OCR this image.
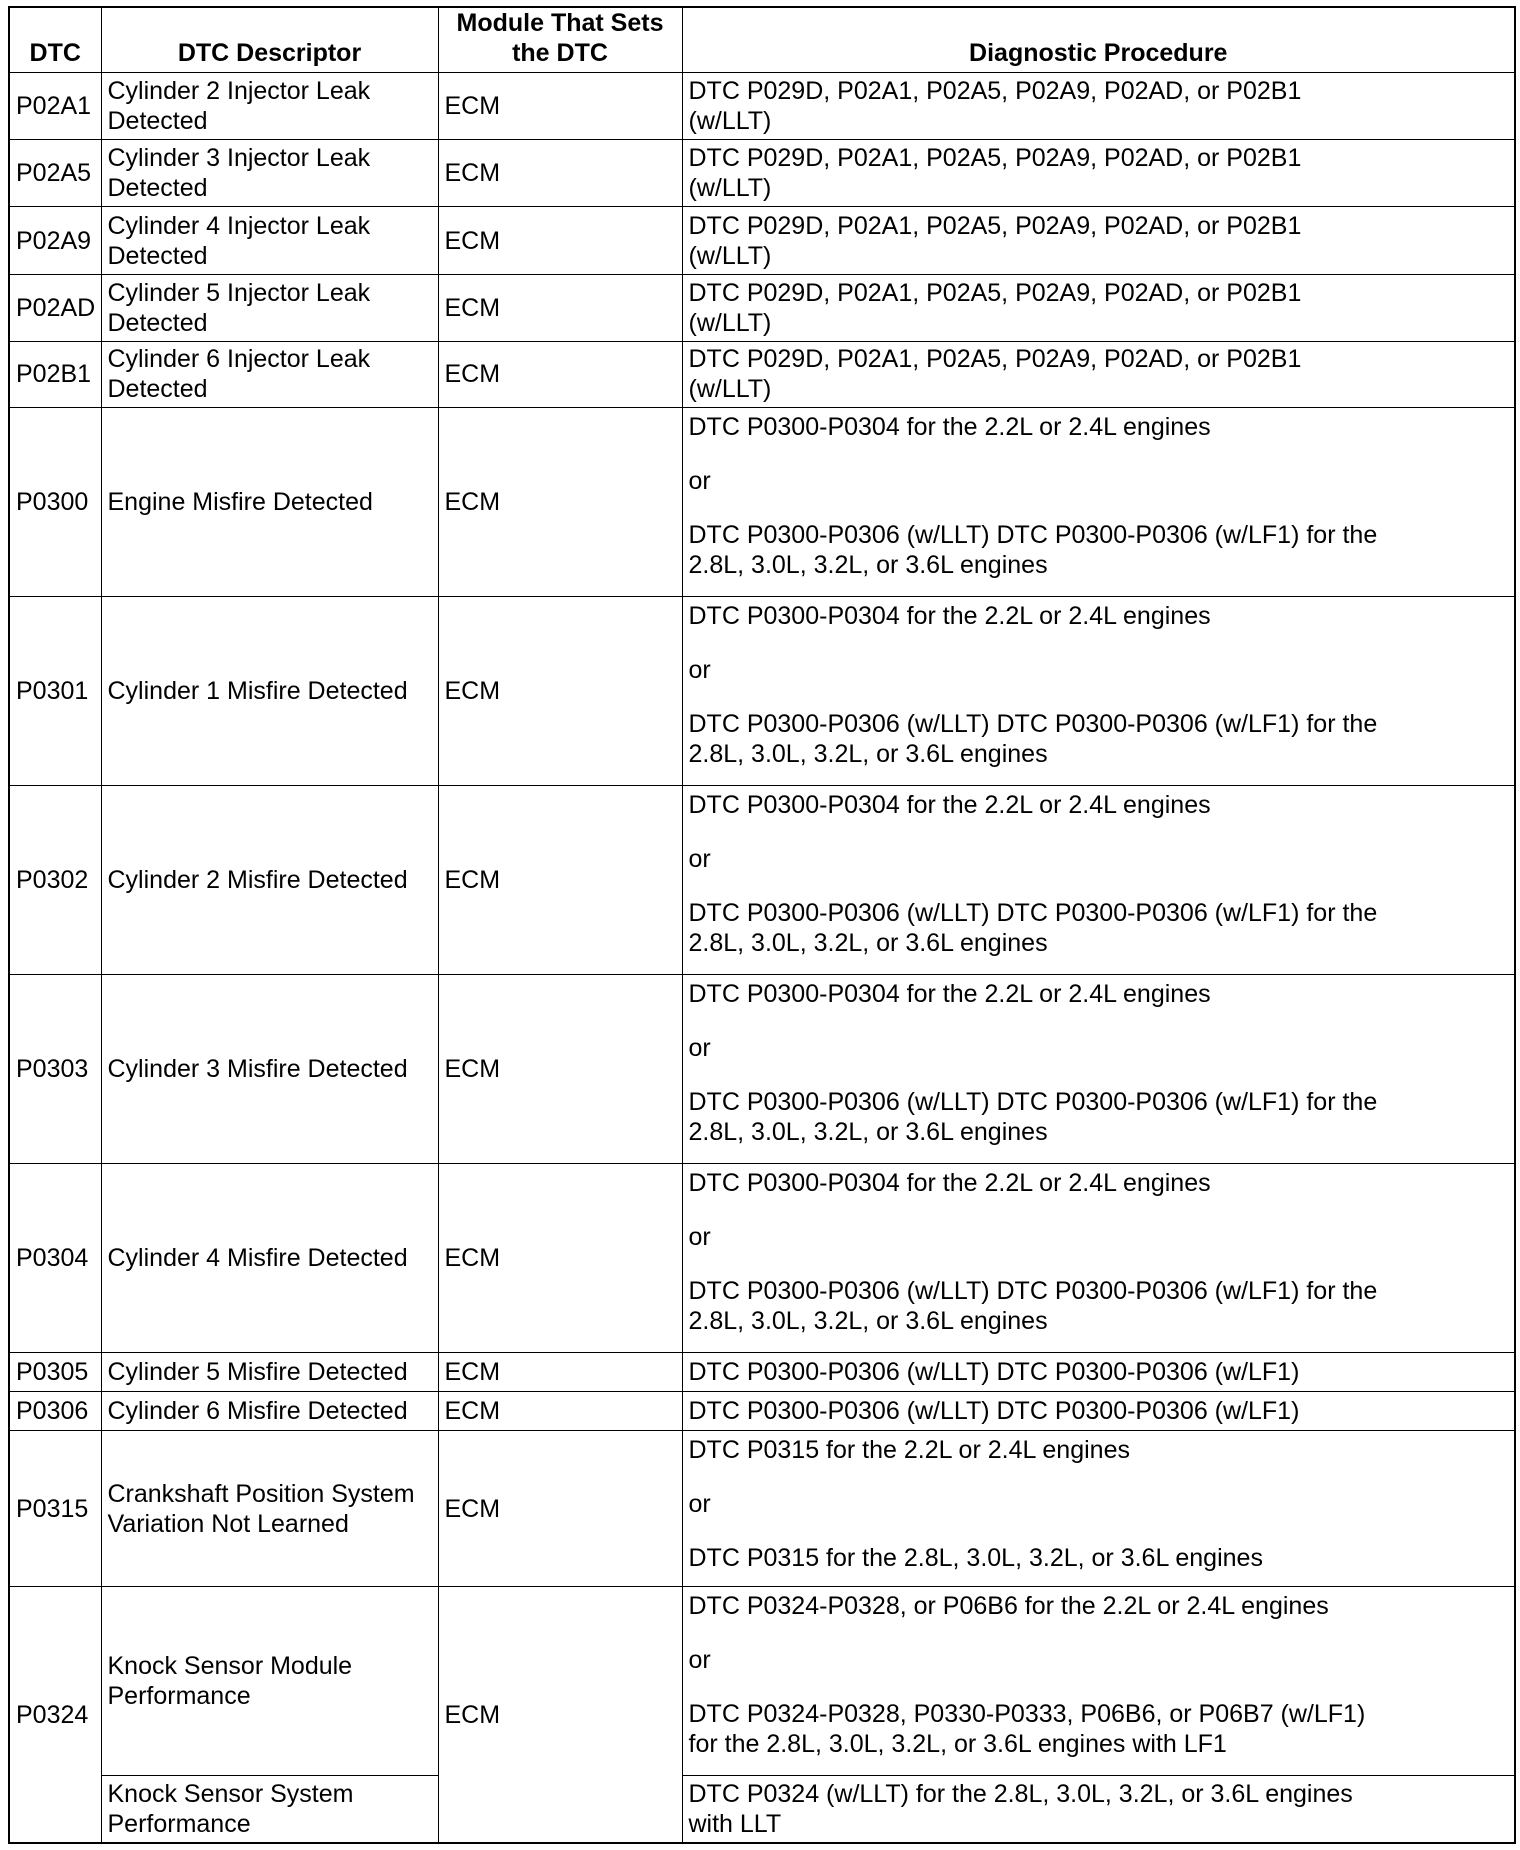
DTC	DTC Descriptor	Module That Sets the DTC	Diagnostic Procedure
P02A1	Cylinder 2 Injector Leak Detected	ECM	DTC P029D, P02A1, P02A5, P02A9, P02AD, or P02B1
(w/LLT)

P02A5	Cylinder 3 Injector Leak Detected	ECM	DTC P029D, P02A1, P02A5, P02A9, P02AD, or P02B1
(w/LLT)

P02A9	Cylinder 4 Injector Leak Detected	ECM	DTC P029D, P02A1, P02A5, P02A9, P02AD, or P02B1
(w/LLT)

P02AD	Cylinder 5 Injector Leak Detected	ECM	DTC P029D, P02A1, P02A5, P02A9, P02AD, or P02B1
(w/LLT)

P02B1	Cylinder 6 Injector Leak Detected	ECM	DTC P029D, P02A1, P02A5, P02A9, P02AD, or P02B1
(w/LLT)

P0300	Engine Misfire Detected	ECM	DTC P0300-P0304 for the 2.2L or 2.4L engines
or
DTC P0300-P0306 (w/LLT) DTC P0300-P0306 (w/LF1) for the
2.8L, 3.0L, 3.2L, or 3.6L engines

P0301	Cylinder 1 Misfire Detected	ECM	DTC P0300-P0304 for the 2.2L or 2.4L engines
or
DTC P0300-P0306 (w/LLT) DTC P0300-P0306 (w/LF1) for the
2.8L, 3.0L, 3.2L, or 3.6L engines

P0302	Cylinder 2 Misfire Detected	ECM	DTC P0300-P0304 for the 2.2L or 2.4L engines
or
DTC P0300-P0306 (w/LLT) DTC P0300-P0306 (w/LF1) for the
2.8L, 3.0L, 3.2L, or 3.6L engines

P0303	Cylinder 3 Misfire Detected	ECM	DTC P0300-P0304 for the 2.2L or 2.4L engines
or
DTC P0300-P0306 (w/LLT) DTC P0300-P0306 (w/LF1) for the
2.8L, 3.0L, 3.2L, or 3.6L engines

P0304	Cylinder 4 Misfire Detected	ECM	DTC P0300-P0304 for the 2.2L or 2.4L engines
or
DTC P0300-P0306 (w/LLT) DTC P0300-P0306 (w/LF1) for the
2.8L, 3.0L, 3.2L, or 3.6L engines

P0305	Cylinder 5 Misfire Detected	ECM	DTC P0300-P0306 (w/LLT) DTC P0300-P0306 (w/LF1)

P0306	Cylinder 6 Misfire Detected	ECM	DTC P0300-P0306 (w/LLT) DTC P0300-P0306 (w/LF1)

P0315	Crankshaft Position System
Variation Not Learned	ECM	DTC P0315 for the 2.2L or 2.4L engines
or
DTC P0315 for the 2.8L, 3.0L, 3.2L, or 3.6L engines

P0324	Knock Sensor Module
Performance	ECM	DTC P0324-P0328, or P06B6 for the 2.2L or 2.4L engines
or
DTC P0324-P0328, P0330-P0333, P06B6, or P06B7 (w/LF1)
for the 2.8L, 3.0L, 3.2L, or 3.6L engines with LF1

	Knock Sensor System
Performance		DTC P0324 (w/LLT) for the 2.8L, 3.0L, 3.2L, or 3.6L engines
with LLT
